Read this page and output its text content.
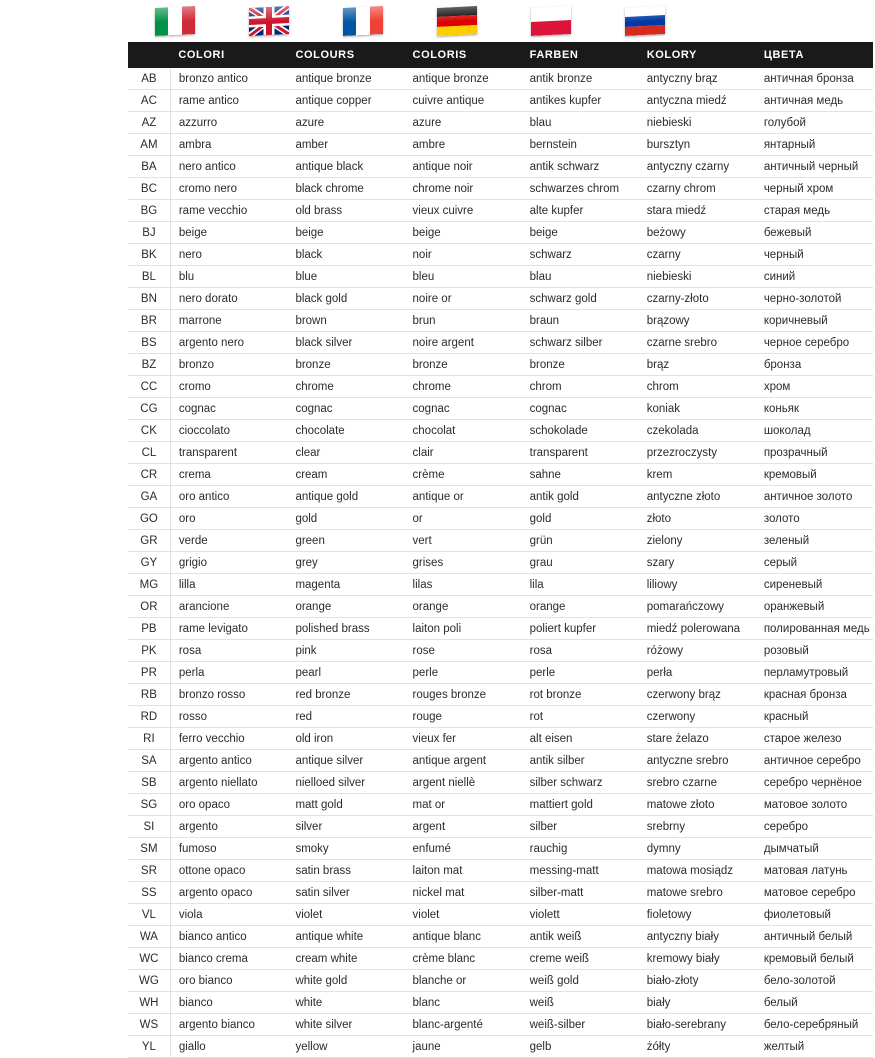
	COLORI	COLOURS	COLORIS	FARBEN	KOLORY	ЦВЕТА
AB	bronzo antico	antique bronze	antique bronze	antik bronze	antyczny brąz	античная бронза
AC	rame antico	antique copper	cuivre antique	antikes kupfer	antyczna miedź	античная медь
AZ	azzurro	azure	azure	blau	niebieski	голубой
AM	ambra	amber	ambre	bernstein	bursztyn	янтарный
BA	nero antico	antique black	antique noir	antik schwarz	antyczny czarny	античный черный
BC	cromo nero	black chrome	chrome noir	schwarzes chrom	czarny chrom	черный хром
BG	rame vecchio	old brass	vieux cuivre	alte kupfer	stara miedź	старая медь
BJ	beige	beige	beige	beige	beżowy	бежевый
BK	nero	black	noir	schwarz	czarny	черный
BL	blu	blue	bleu	blau	niebieski	синий
BN	nero dorato	black gold	noire or	schwarz gold	czarny-złoto	черно-золотой
BR	marrone	brown	brun	braun	brązowy	коричневый
BS	argento nero	black silver	noire argent	schwarz silber	czarne srebro	черное серебро
BZ	bronzo	bronze	bronze	bronze	brąz	бронза
CC	cromo	chrome	chrome	chrom	chrom	хром
CG	cognac	cognac	cognac	cognac	koniak	коньяк
CK	cioccolato	chocolate	chocolat	schokolade	czekolada	шоколад
CL	transparent	clear	clair	transparent	przezroczysty	прозрачный
CR	crema	cream	crème	sahne	krem	кремовый
GA	oro antico	antique gold	antique or	antik gold	antyczne złoto	античное золото
GO	oro	gold	or	gold	złoto	золото
GR	verde	green	vert	grün	zielony	зеленый
GY	grigio	grey	grises	grau	szary	серый
MG	lilla	magenta	lilas	lila	liliowy	сиреневый
OR	arancione	orange	orange	orange	pomarańczowy	оранжевый
PB	rame levigato	polished brass	laiton poli	poliert kupfer	miedź polerowana	полированная медь
PK	rosa	pink	rose	rosa	różowy	розовый
PR	perla	pearl	perle	perle	perła	перламутровый
RB	bronzo rosso	red bronze	rouges bronze	rot bronze	czerwony brąz	красная бронза
RD	rosso	red	rouge	rot	czerwony	красный
RI	ferro vecchio	old iron	vieux fer	alt eisen	stare żelazo	старое железо
SA	argento antico	antique silver	antique argent	antik silber	antyczne srebro	античное серебро
SB	argento niellato	nielloed silver	argent niellè	silber schwarz	srebro czarne	серебро чернёное
SG	oro opaco	matt gold	mat or	mattiert gold	matowe złoto	матовое золото
SI	argento	silver	argent	silber	srebrny	серебро
SM	fumoso	smoky	enfumé	rauchig	dymny	дымчатый
SR	ottone opaco	satin brass	laiton mat	messing-matt	matowa mosiądz	матовая латунь
SS	argento opaco	satin silver	nickel mat	silber-matt	matowe srebro	матовое серебро
VL	viola	violet	violet	violett	fioletowy	фиолетовый
WA	bianco antico	antique white	antique blanc	antik weiß	antyczny biały	античный белый
WC	bianco crema	cream white	crème blanc	creme weiß	kremowy biały	кремовый белый
WG	oro bianco	white gold	blanche or	weiß gold	biało-złoty	бело-золотой
WH	bianco	white	blanc	weiß	biały	белый
WS	argento bianco	white silver	blanc-argenté	weiß-silber	biało-serebrany	бело-серебряный
YL	giallo	yellow	jaune	gelb	żółty	желтый
